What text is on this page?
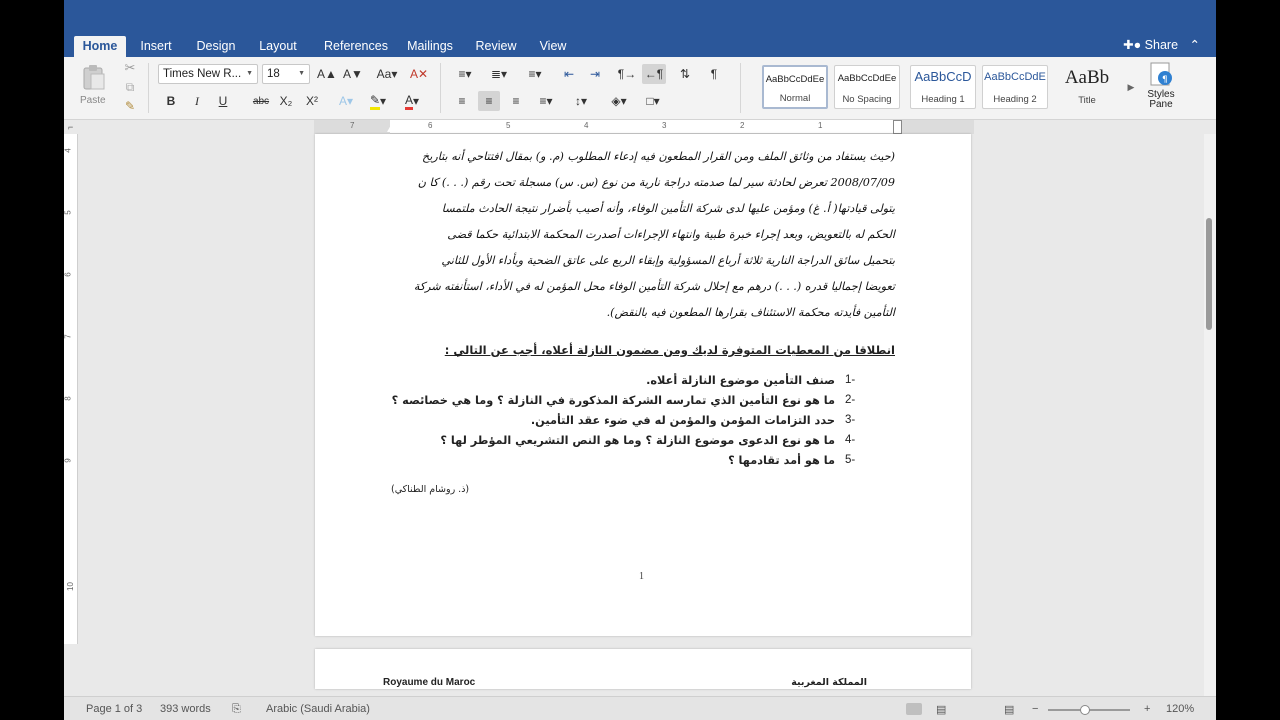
Home	Insert	Design	Layout	References	Mailings	Review	View	✚● Share ⌃
Paste
✂
⧉
✎
Times New R... ▼	18	▼ A▲ A▼	Aa▾	A✕
B	I	U	abc X₂	X²	A▾	✎ ▾	A ▾
≡▾	≣▾	≡▾	⇤	⇥	¶→ ←¶	⇅	¶
≡	≡	≡	≡▾	↕▾	◈▾	□▾
AaBbCcDdEe
Normal
AaBbCcDdEe
No Spacing
AaBbCcD
Heading 1
AaBbCcDdE
Heading 2
AaBb
Title
▶
¶
Styles
Pane
7	6	5	4	3	2	1
⌐
4
5
6
7
8
9
10
(حيث يستفاد من وثائق الملف ومن القرار المطعون فيه إدعاء المطلوب (م. و) بمقال افتتاحي أنه بتاريخ
2008/07/09 تعرض لحادثة سير لما صدمته دراجة نارية من نوع (س. س) مسجلة تحت رقم (. . .) كا ن
يتولى قيادتها( أ. غ) ومؤمن عليها لدى شركة التأمين الوفاء، وأنه أصيب بأضرار نتيجة الحادث ملتمسا
الحكم له بالتعويض، وبعد إجراء خبرة طبية وانتهاء الإجراءات أصدرت المحكمة الابتدائية حكما قضى
بتحميل سائق الدراجة النارية ثلاثة أرباع المسؤولية وإبقاء الربع على عاتق الضحية وبأداء الأول للثاني
تعويضا إجماليا قدره (. . .) درهم مع إحلال شركة التأمين الوفاء محل المؤمن له في الأداء، استأنفته شركة
التأمين فأيدته محكمة الاستئناف بقرارها المطعون فيه بالنقض).
انطلاقا من المعطيات المتوفرة لديك ومن مضمون النازلة أعلاه، أجب عن التالي :
1-
صنف التأمين موضوع النازلة أعلاه.
2-
ما هو نوع التأمين الذي تمارسه الشركة المذكورة في النازلة ؟ وما هي خصائصه ؟
3-
حدد التزامات المؤمن والمؤمن له في ضوء عقد التأمين.
4-
ما هو نوع الدعوى موضوع النازلة ؟ وما هو النص التشريعي المؤطر لها ؟
5-
ما هو أمد تقادمها ؟
(ذ. روشام الطناكي)
1
Royaume du Maroc	المملكة المغربية
Page 1 of 3 393 words ⎘ Arabic (Saudi Arabia)	▤	▤ −	+ 120%
